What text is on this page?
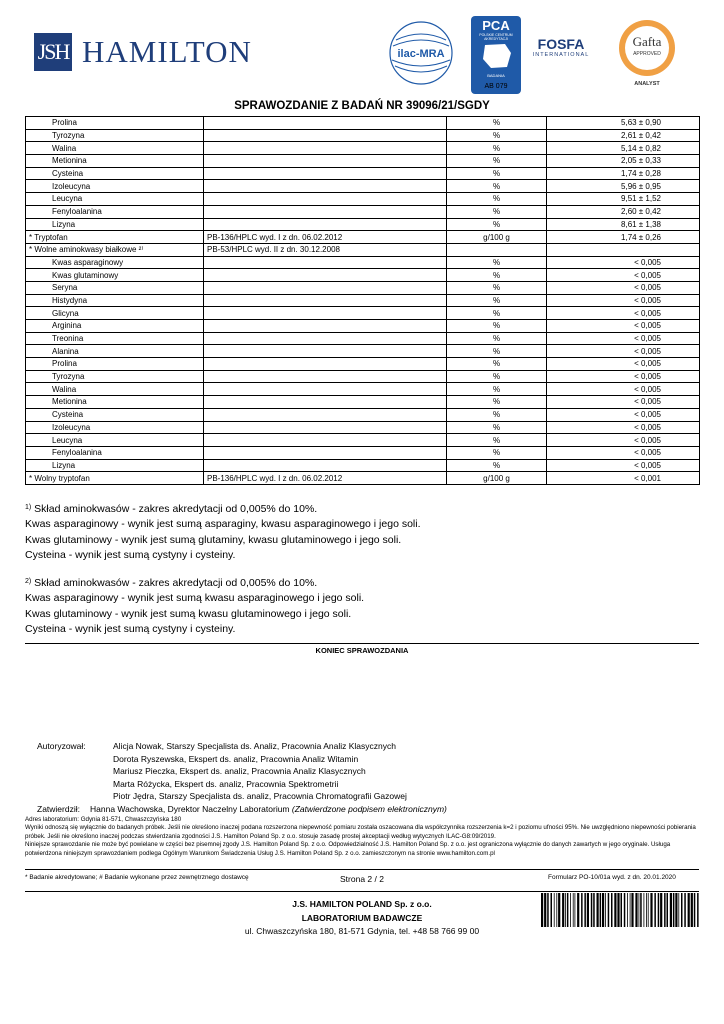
JSH HAMILTON	ilac-MRA
PCA
POLSKIE CENTRUM AKREDYTACJI
BADANIA
AB 079
FOSFA
INTERNATIONAL
Gafta
APPROVED
ANALYST
SPRAWOZDANIE Z BADAŃ NR 39096/21/SGDY
Prolina		%	5,63 ± 0,90
Tyrozyna		%	2,61 ± 0,42
Walina		%	5,14 ± 0,82
Metionina		%	2,05 ± 0,33
Cysteina		%	1,74 ± 0,28
Izoleucyna		%	5,96 ± 0,95
Leucyna		%	9,51 ± 1,52
Fenyloalanina		%	2,60 ± 0,42
Lizyna		%	8,61 ± 1,38
* Tryptofan	PB-136/HPLC wyd. I z dn. 06.02.2012	g/100 g	1,74 ± 0,26
* Wolne aminokwasy białkowe ²⁾	PB-53/HPLC wyd. II z dn. 30.12.2008		
Kwas asparaginowy		%	< 0,005
Kwas glutaminowy		%	< 0,005
Seryna		%	< 0,005
Histydyna		%	< 0,005
Glicyna		%	< 0,005
Arginina		%	< 0,005
Treonina		%	< 0,005
Alanina		%	< 0,005
Prolina		%	< 0,005
Tyrozyna		%	< 0,005
Walina		%	< 0,005
Metionina		%	< 0,005
Cysteina		%	< 0,005
Izoleucyna		%	< 0,005
Leucyna		%	< 0,005
Fenyloalanina		%	< 0,005
Lizyna		%	< 0,005
* Wolny tryptofan	PB-136/HPLC wyd. I z dn. 06.02.2012	g/100 g	< 0,001

$^{1)}$ Skład aminokwasów - zakres akredytacji od 0,005% do 10%.

Kwas asparaginowy - wynik jest sumą asparaginy, kwasu asparaginowego i jego soli.

Kwas glutaminowy - wynik jest sumą glutaminy, kwasu glutaminowego i jego soli.

Cysteina - wynik jest sumą cystyny i cysteiny.

$^{2)}$ Skład aminokwasów - zakres akredytacji od 0,005% do 10%.

Kwas asparaginowy - wynik jest sumą kwasu asparaginowego i jego soli.

Kwas glutaminowy - wynik jest sumą kwasu glutaminowego i jego soli.

Cysteina - wynik jest sumą cystyny i cysteiny.

KONIEC SPRAWOZDANIA
Autoryzował:	Alicja Nowak, Starszy Specjalista ds. Analiz, Pracownia Analiz Klasycznych
Dorota Ryszewska, Ekspert ds. analiz, Pracownia Analiz Witamin
Mariusz Pieczka, Ekspert ds. analiz, Pracownia Analiz Klasycznych
Marta Różycka, Ekspert ds. analiz, Pracownia Spektrometrii
Piotr Jędra, Starszy Specjalista ds. analiz, Pracownia Chromatografii Gazowej
Zatwierdził:	Hanna Wachowska, Dyrektor Naczelny Laboratorium
(Zatwierdzone podpisem elektronicznym)
Adres laboratorium: Gdynia 81-571, Chwaszczyńska 180
Wyniki odnoszą się wyłącznie do badanych próbek. Jeśli nie określono inaczej podana rozszerzona niepewność pomiaru została oszacowana dla współczynnika rozszerzenia k=2 i poziomu ufności 95%. Nie uwzględniono niepewności pobierania próbek. Jeśli nie określono inaczej podczas stwierdzania zgodności J.S. Hamilton Poland Sp. z o.o. stosuje zasadę prostej akceptacji według wytycznych ILAC-G8:09/2019.
Niniejsze sprawozdanie nie może być powielane w części bez pisemnej zgody J.S. Hamilton Poland Sp. z o.o. Odpowiedzialność J.S. Hamilton Poland Sp. z o.o. jest ograniczona wyłącznie do danych zawartych w jego oryginale. Usługa potwierdzona niniejszym sprawozdaniem podlega Ogólnym Warunkom Świadczenia Usług J.S. Hamilton Poland Sp. z o.o. zamieszczonym na stronie www.hamilton.com.pl
* Badanie akredytowane; # Badanie wykonane przez zewnętrznego dostawcę	Strona 2 / 2	Formularz PO-10/01a wyd. z dn. 20.01.2020
J.S. HAMILTON POLAND Sp. z o.o.
LABORATORIUM BADAWCZE
ul. Chwaszczyńska 180, 81-571 Gdynia, tel. +48 58 766 99 00
